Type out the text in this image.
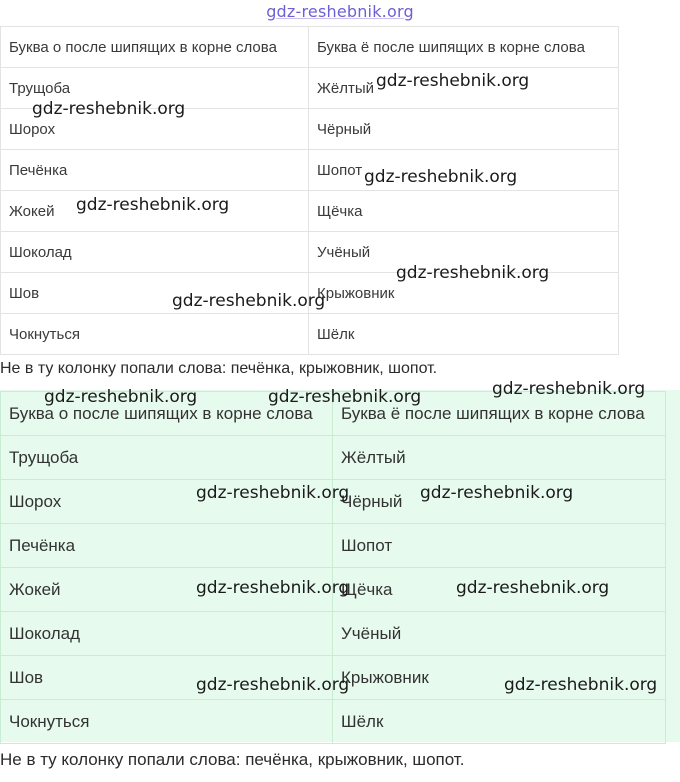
gdz-reshebnik.org
Буква о после шипящих в корне слова	Буква ё после шипящих в корне слова
Трущоба	Жёлтый
Шорох	Чёрный
Печёнка	Шопот
Жокей	Щёчка
Шоколад	Учёный
Шов	Крыжовник
Чокнуться	Шёлк
Не в ту колонку попали слова: печёнка, крыжовник, шопот.
Буква о после шипящих в корне слова	Буква ё после шипящих в корне слова
Трущоба	Жёлтый
Шорох	Чёрный
Печёнка	Шопот
Жокей	Щёчка
Шоколад	Учёный
Шов	Крыжовник
Чокнуться	Шёлк
Не в ту колонку попали слова: печёнка, крыжовник, шопот.
gdz-reshebnik.org
gdz-reshebnik.org
gdz-reshebnik.org
gdz-reshebnik.org
gdz-reshebnik.org
gdz-reshebnik.org
gdz-reshebnik.org	gdz-reshebnik.org	gdz-reshebnik.org
gdz-reshebnik.org	gdz-reshebnik.org
gdz-reshebnik.org	gdz-reshebnik.org
gdz-reshebnik.org	gdz-reshebnik.org
